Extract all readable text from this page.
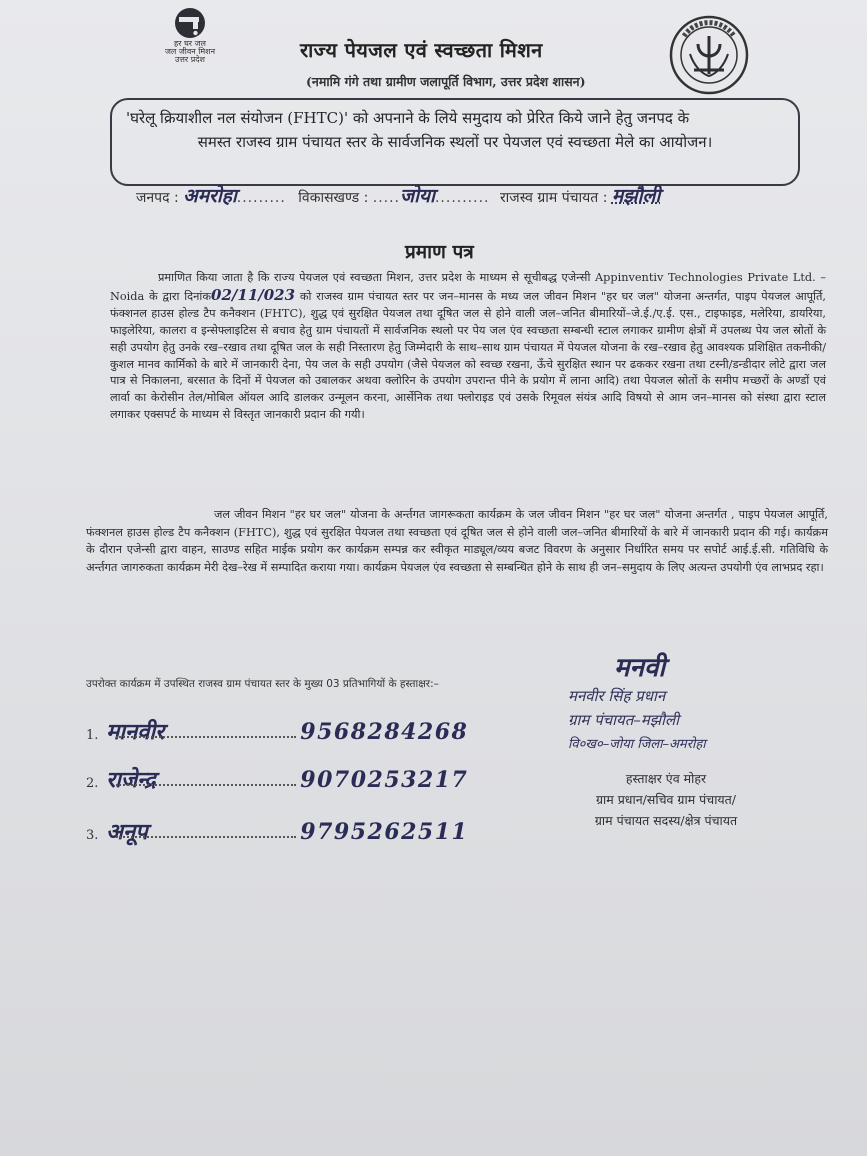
हर घर जल
जल जीवन मिशन
उत्तर प्रदेश	राज्य पेयजल एवं स्वच्छता मिशन
(नमामि गंगे तथा ग्रामीण जलापूर्ति विभाग, उत्तर प्रदेश शासन)
'घरेलू क्रियाशील नल संयोजन (FHTC)' को अपनाने के लिये समुदाय को प्रेरित किये जाने हेतु जनपद के
समस्त राजस्व ग्राम पंचायत स्तर के सार्वजनिक स्थलों पर पेयजल एवं स्वच्छता मेले का आयोजन।
जनपद : अमरोहा......... विकासखण्ड : .....जोया.......... राजस्व ग्राम पंचायत : मझौली
प्रमाण पत्र
प्रमाणित किया जाता है कि राज्य पेयजल एवं स्वच्छता मिशन, उत्तर प्रदेश के माध्यम से सूचीबद्ध एजेन्सी Appinventiv Technologies Private Ltd. – Noida के द्वारा दिनांक02/11/023 को राजस्व ग्राम पंचायत स्तर पर जन–मानस के मध्य जल जीवन मिशन "हर घर जल" योजना अन्तर्गत, पाइप पेयजल आपूर्ति, फंक्शनल हाउस होल्ड टैप कनैक्शन (FHTC), शुद्ध एवं सुरक्षित पेयजल तथा दूषित जल से होने वाली जल–जनित बीमारियों–जे.ई./ए.ई. एस., टाइफाइड, मलेरिया, डायरिया, फाइलेरिया, कालरा व इन्सेफ्लाइटिस से बचाव हेतु ग्राम पंचायतों में सार्वजनिक स्थलो पर पेय जल एंव स्वच्छता सम्बन्धी स्टाल लगाकर ग्रामीण क्षेत्रों में उपलब्ध पेय जल स्रोतों के सही उपयोग हेतु उनके रख–रखाव तथा दूषित जल के सही निस्तारण हेतु जिम्मेदारी के साथ–साथ ग्राम पंचायत में पेयजल योजना के रख–रखाव हेतु आवश्यक प्रशिक्षित तकनीकी/कुशल मानव कार्मिको के बारे में जानकारी देना, पेय जल के सही उपयोग (जैसे पेयजल को स्वच्छ रखना, ऊँचे सुरक्षित स्थान पर ढककर रखना तथा टस्नी/डन्डीदार लोटे द्वारा जल पात्र से निकालना, बरसात के दिनों में पेयजल को उबालकर अथवा क्लोरिन के उपयोग उपरान्त पीने के प्रयोग में लाना आदि) तथा पेयजल स्रोतों के समीप मच्छरों के अण्डों एवं लार्वा का केरोसीन तेल/मोबिल ऑयल आदि डालकर उन्मूलन करना, आर्सेनिक तथा फ्लोराइड एवं उसके रिमूवल संयंत्र आदि विषयो से आम जन–मानस को संस्था द्वारा स्टाल लगाकर एक्सपर्ट के माध्यम से विस्तृत जानकारी प्रदान की गयी।
जल जीवन मिशन "हर घर जल" योजना के अर्न्तगत जागरूकता कार्यक्रम के जल जीवन मिशन "हर घर जल" योजना अन्तर्गत , पाइप पेयजल आपूर्ति, फंक्शनल हाउस होल्ड टैप कनैक्शन (FHTC), शुद्ध एवं सुरक्षित पेयजल तथा स्वच्छता एवं दूषित जल से होने वाली जल–जनित बीमारियों के बारे में जानकारी प्रदान की गई। कार्यक्रम के दौरान एजेन्सी द्वारा वाहन, साउण्ड सहित माईक प्रयोग कर कार्यक्रम सम्पन्न कर स्वीकृत माड्यूल/व्यय बजट विवरण के अनुसार निर्धारित समय पर सपोर्ट आई.ई.सी. गतिविधि के अर्न्तगत जागरुकता कार्यक्रम मेरी देख–रेख में सम्पादित कराया गया। कार्यक्रम पेयजल एंव स्वच्छता से सम्बन्धित होने के साथ ही जन–समुदाय के लिए अत्यन्त उपयोगी एंव लाभप्रद रहा।
उपरोक्त कार्यक्रम में उपस्थित राजस्व ग्राम पंचायत स्तर के मुख्य 03 प्रतिभागियों के हस्ताक्षर:–
1. मानवीर	9568284268
2. राजेन्द्र	9070253217
3. अनूप	9795262511
मनवी
मनवीर सिंह प्रधान
ग्राम पंचायत–मझौली
वि०ख०–जोया जिला–अमरोहा
हस्ताक्षर एंव मोहर
ग्राम प्रधान/सचिव ग्राम पंचायत/
ग्राम पंचायत सदस्य/क्षेत्र पंचायत
